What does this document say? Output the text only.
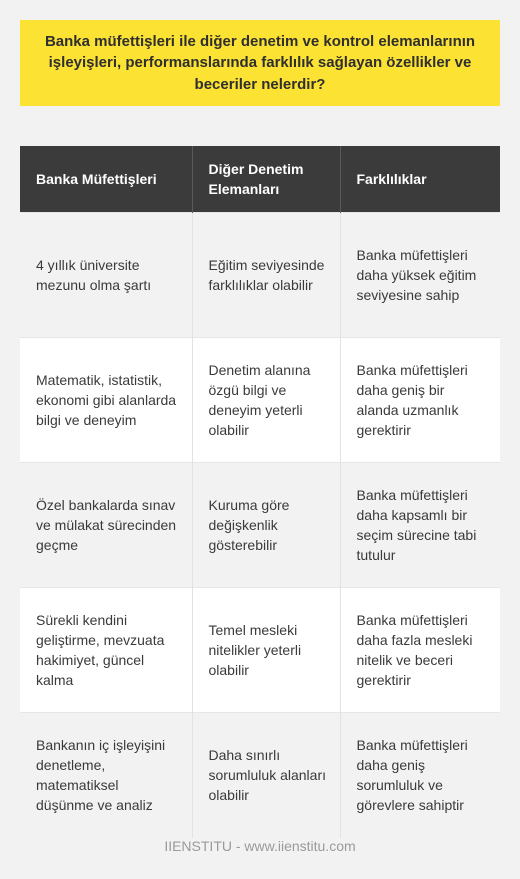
Banka müfettişleri ile diğer denetim ve kontrol elemanlarının işleyişleri, performanslarında farklılık sağlayan özellikler ve beceriler nelerdir?
Banka Müfettişleri	Diğer Denetim Elemanları	Farklılıklar
4 yıllık üniversite mezunu olma şartı	Eğitim seviyesinde farklılıklar olabilir	Banka müfettişleri daha yüksek eğitim seviyesine sahip
Matematik, istatistik, ekonomi gibi alanlarda bilgi ve deneyim	Denetim alanına özgü bilgi ve deneyim yeterli olabilir	Banka müfettişleri daha geniş bir alanda uzmanlık gerektirir
Özel bankalarda sınav ve mülakat sürecinden geçme	Kuruma göre değişkenlik gösterebilir	Banka müfettişleri daha kapsamlı bir seçim sürecine tabi tutulur
Sürekli kendini geliştirme, mevzuata hakimiyet, güncel kalma	Temel mesleki nitelikler yeterli olabilir	Banka müfettişleri daha fazla mesleki nitelik ve beceri gerektirir
Bankanın iç işleyişini denetleme, matematiksel düşünme ve analiz	Daha sınırlı sorumluluk alanları olabilir	Banka müfettişleri daha geniş sorumluluk ve görevlere sahiptir
IIENSTITU - www.iienstitu.com
